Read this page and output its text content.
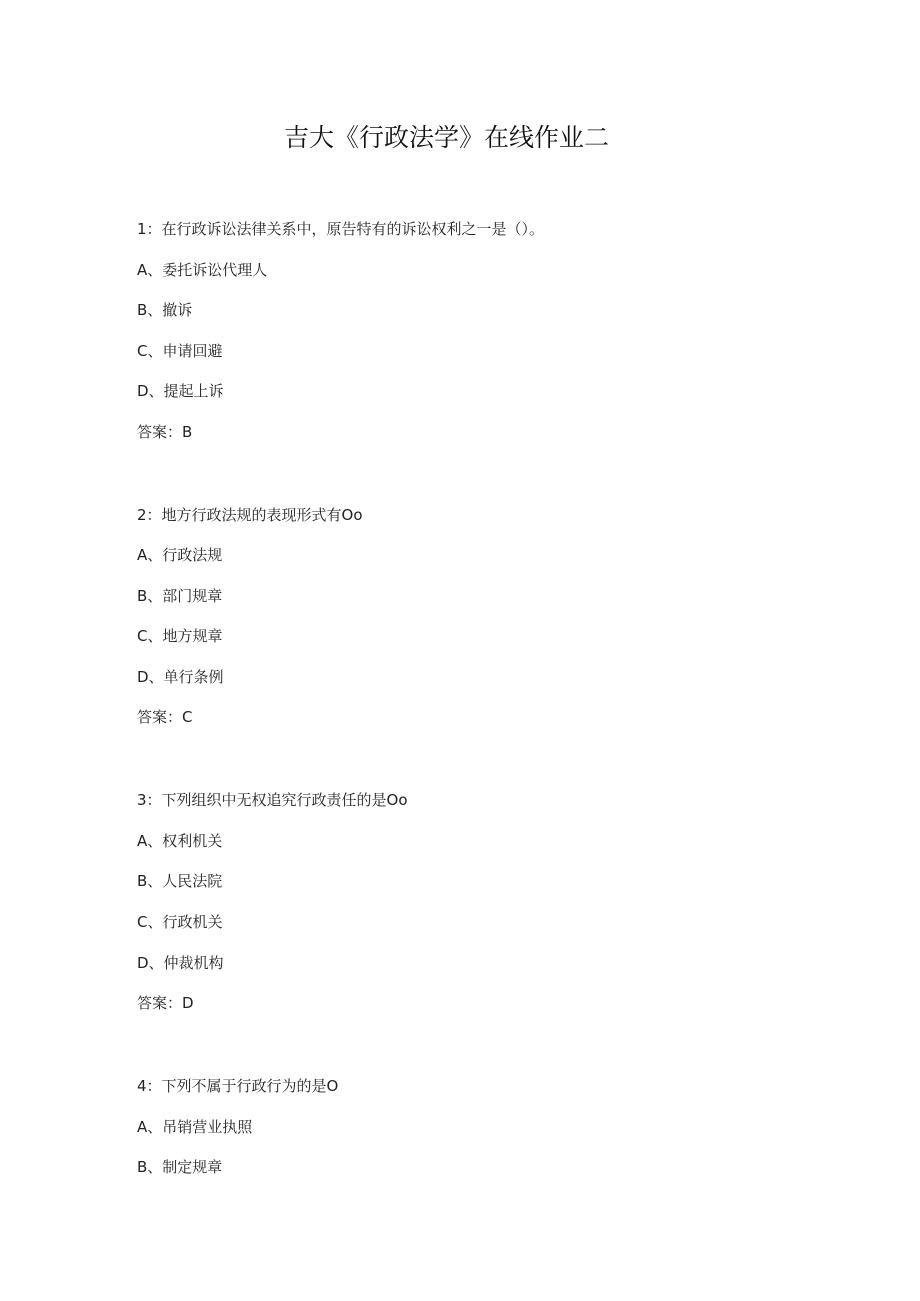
吉大《行政法学》在线作业二
1：在行政诉讼法律关系中，原告特有的诉讼权利之一是（）。
A、委托诉讼代理人
B、撤诉
C、申请回避
D、提起上诉
答案：B
2：地方行政法规的表现形式有Oo
A、行政法规
B、部门规章
C、地方规章
D、单行条例
答案：C
3：下列组织中无权追究行政责任的是Oo
A、权利机关
B、人民法院
C、行政机关
D、仲裁机构
答案：D
4：下列不属于行政行为的是O
A、吊销营业执照
B、制定规章
